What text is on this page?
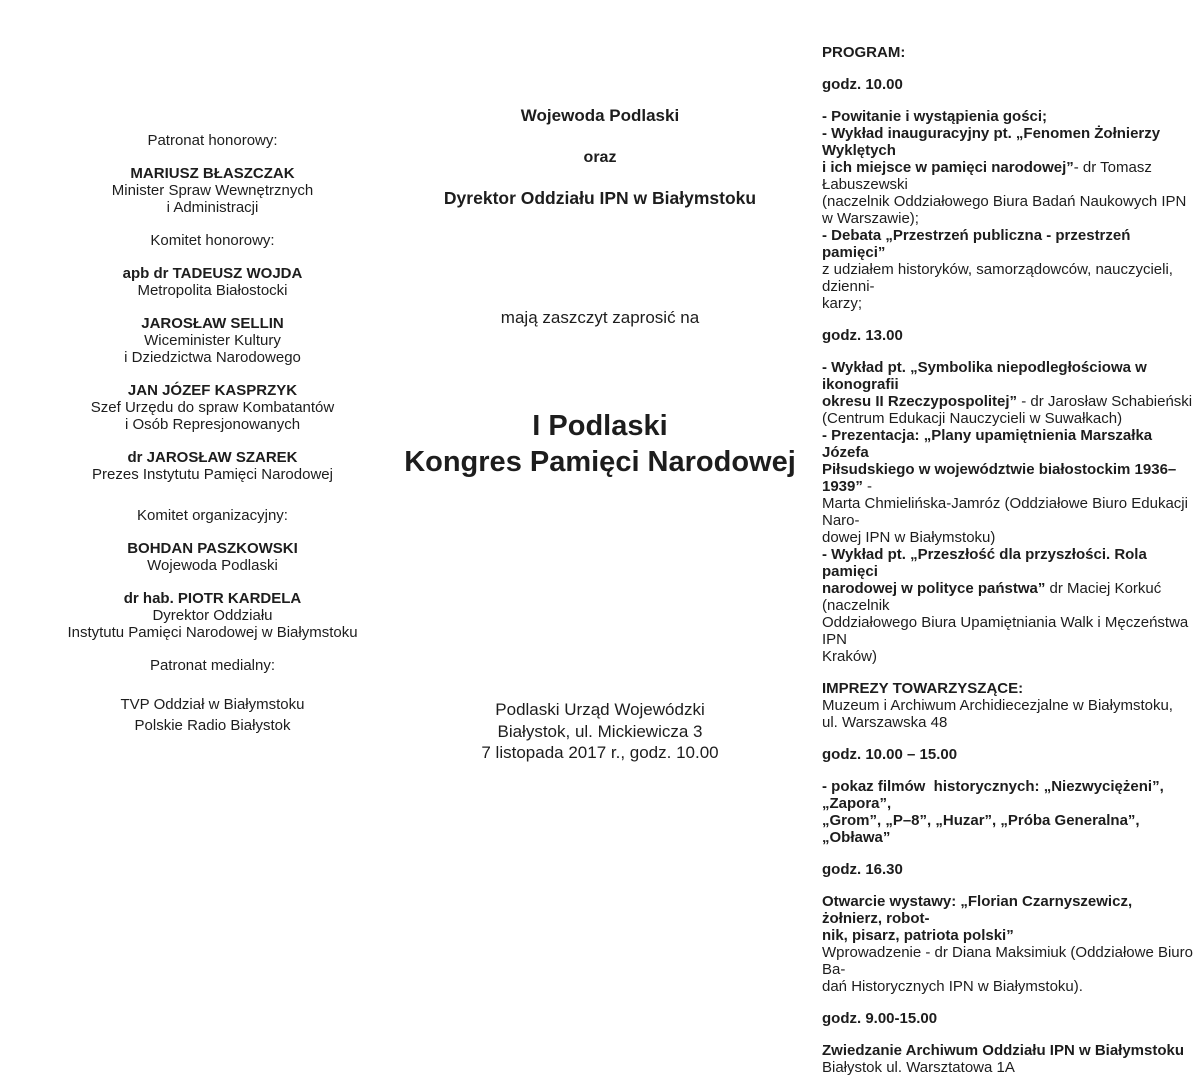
Patronat honorowy:
MARIUSZ BŁASZCZAK
Minister Spraw Wewnętrznych
i Administracji
Komitet honorowy:
apb dr TADEUSZ WOJDA
Metropolita Białostocki
JAROSŁAW SELLIN
Wiceminister Kultury
i Dziedzictwa Narodowego
JAN JÓZEF KASPRZYK
Szef Urzędu do spraw Kombatantów
i Osób Represjonowanych
dr JAROSŁAW SZAREK
Prezes Instytutu Pamięci Narodowej
Komitet organizacyjny:
BOHDAN PASZKOWSKI
Wojewoda Podlaski
dr hab. PIOTR KARDELA
Dyrektor Oddziału
Instytutu Pamięci Narodowej w Białymstoku
Patronat medialny:
TVP Oddział w Białymstoku
Polskie Radio Białystok
Wojewoda Podlaski
oraz
Dyrektor Oddziału IPN w Białymstoku
mają zaszczyt zaprosić na
I Podlaski
Kongres Pamięci Narodowej
Podlaski Urząd Wojewódzki
Białystok, ul. Mickiewicza 3
7 listopada 2017 r., godz. 10.00
PROGRAM:
godz. 10.00
- Powitanie i wystąpienia gości;
- Wykład inauguracyjny pt. „Fenomen Żołnierzy Wyklętych
i ich miejsce w pamięci narodowej”- dr Tomasz Łabuszewski
(naczelnik Oddziałowego Biura Badań Naukowych IPN
w Warszawie);
- Debata „Przestrzeń publiczna - przestrzeń pamięci”
z udziałem historyków, samorządowców, nauczycieli, dzienni-
karzy;
godz. 13.00
- Wykład pt. „Symbolika niepodległościowa w ikonografii
okresu II Rzeczypospolitej” - dr Jarosław Schabieński
(Centrum Edukacji Nauczycieli w Suwałkach)
- Prezentacja: „Plany upamiętnienia Marszałka Józefa
Piłsudskiego w województwie białostockim 1936–1939” -
Marta Chmielińska-Jamróz (Oddziałowe Biuro Edukacji Naro-
dowej IPN w Białymstoku)
- Wykład pt. „Przeszłość dla przyszłości. Rola pamięci
narodowej w polityce państwa” dr Maciej Korkuć (naczelnik
Oddziałowego Biura Upamiętniania Walk i Męczeństwa IPN
Kraków)
IMPREZY TOWARZYSZĄCE:
Muzeum i Archiwum Archidiecezjalne w Białymstoku,
ul. Warszawska 48
godz. 10.00 – 15.00
- pokaz filmów  historycznych: „Niezwyciężeni”, „Zapora”,
„Grom”, „P–8”, „Huzar”, „Próba Generalna”, „Obława”
godz. 16.30
Otwarcie wystawy: „Florian Czarnyszewicz, żołnierz, robot-
nik, pisarz, patriota polski”
Wprowadzenie - dr Diana Maksimiuk (Oddziałowe Biuro Ba-
dań Historycznych IPN w Białymstoku).
godz. 9.00-15.00
Zwiedzanie Archiwum Oddziału IPN w Białymstoku
Białystok ul. Warsztatowa 1A
